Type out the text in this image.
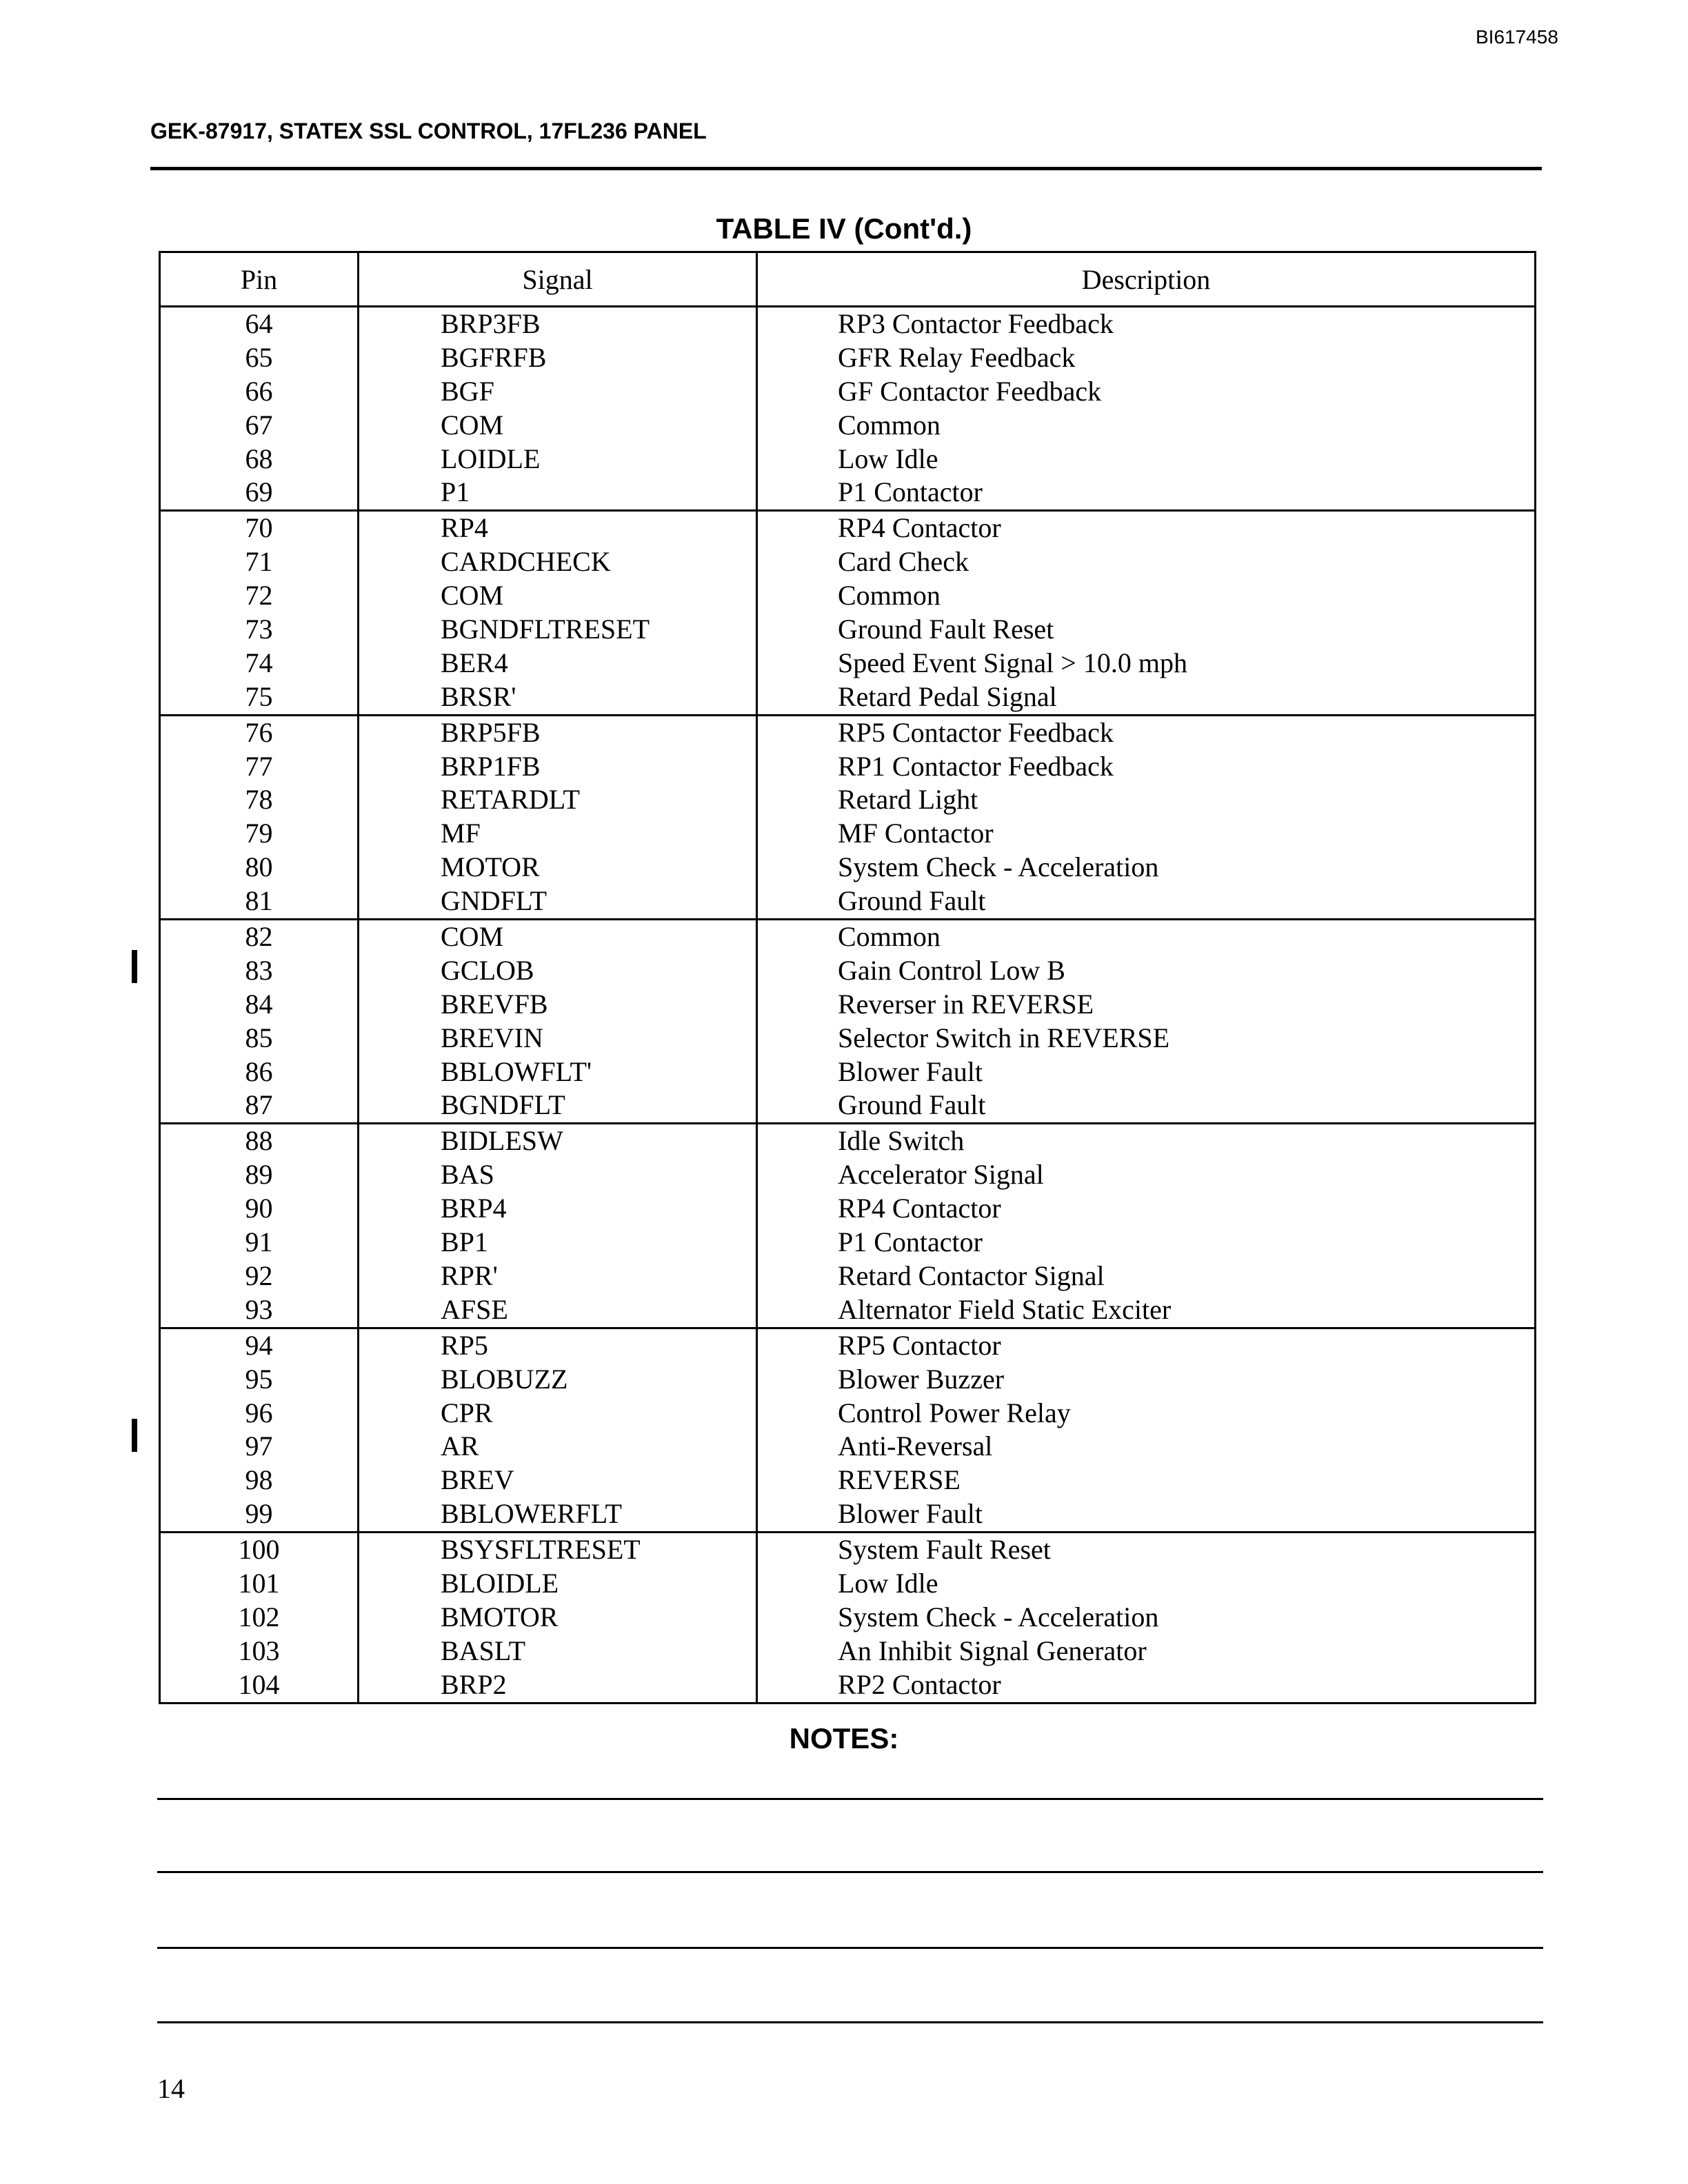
BI617458
GEK-87917, STATEX SSL CONTROL, 17FL236 PANEL
TABLE IV (Cont'd.)
Pin	Signal	Description
64	BRP3FB	RP3 Contactor Feedback
65	BGFRFB	GFR Relay Feedback
66	BGF	GF Contactor Feedback
67	COM	Common
68	LOIDLE	Low Idle
69	P1	P1 Contactor
70	RP4	RP4 Contactor
71	CARDCHECK	Card Check
72	COM	Common
73	BGNDFLTRESET	Ground Fault Reset
74	BER4	Speed Event Signal > 10.0 mph
75	BRSR'	Retard Pedal Signal
76	BRP5FB	RP5 Contactor Feedback
77	BRP1FB	RP1 Contactor Feedback
78	RETARDLT	Retard Light
79	MF	MF Contactor
80	MOTOR	System Check - Acceleration
81	GNDFLT	Ground Fault
82	COM	Common
83	GCLOB	Gain Control Low B
84	BREVFB	Reverser in REVERSE
85	BREVIN	Selector Switch in REVERSE
86	BBLOWFLT'	Blower Fault
87	BGNDFLT	Ground Fault
88	BIDLESW	Idle Switch
89	BAS	Accelerator Signal
90	BRP4	RP4 Contactor
91	BP1	P1 Contactor
92	RPR'	Retard Contactor Signal
93	AFSE	Alternator Field Static Exciter
94	RP5	RP5 Contactor
95	BLOBUZZ	Blower Buzzer
96	CPR	Control Power Relay
97	AR	Anti-Reversal
98	BREV	REVERSE
99	BBLOWERFLT	Blower Fault
100	BSYSFLTRESET	System Fault Reset
101	BLOIDLE	Low Idle
102	BMOTOR	System Check - Acceleration
103	BASLT	An Inhibit Signal Generator
104	BRP2	RP2 Contactor
NOTES:
14
